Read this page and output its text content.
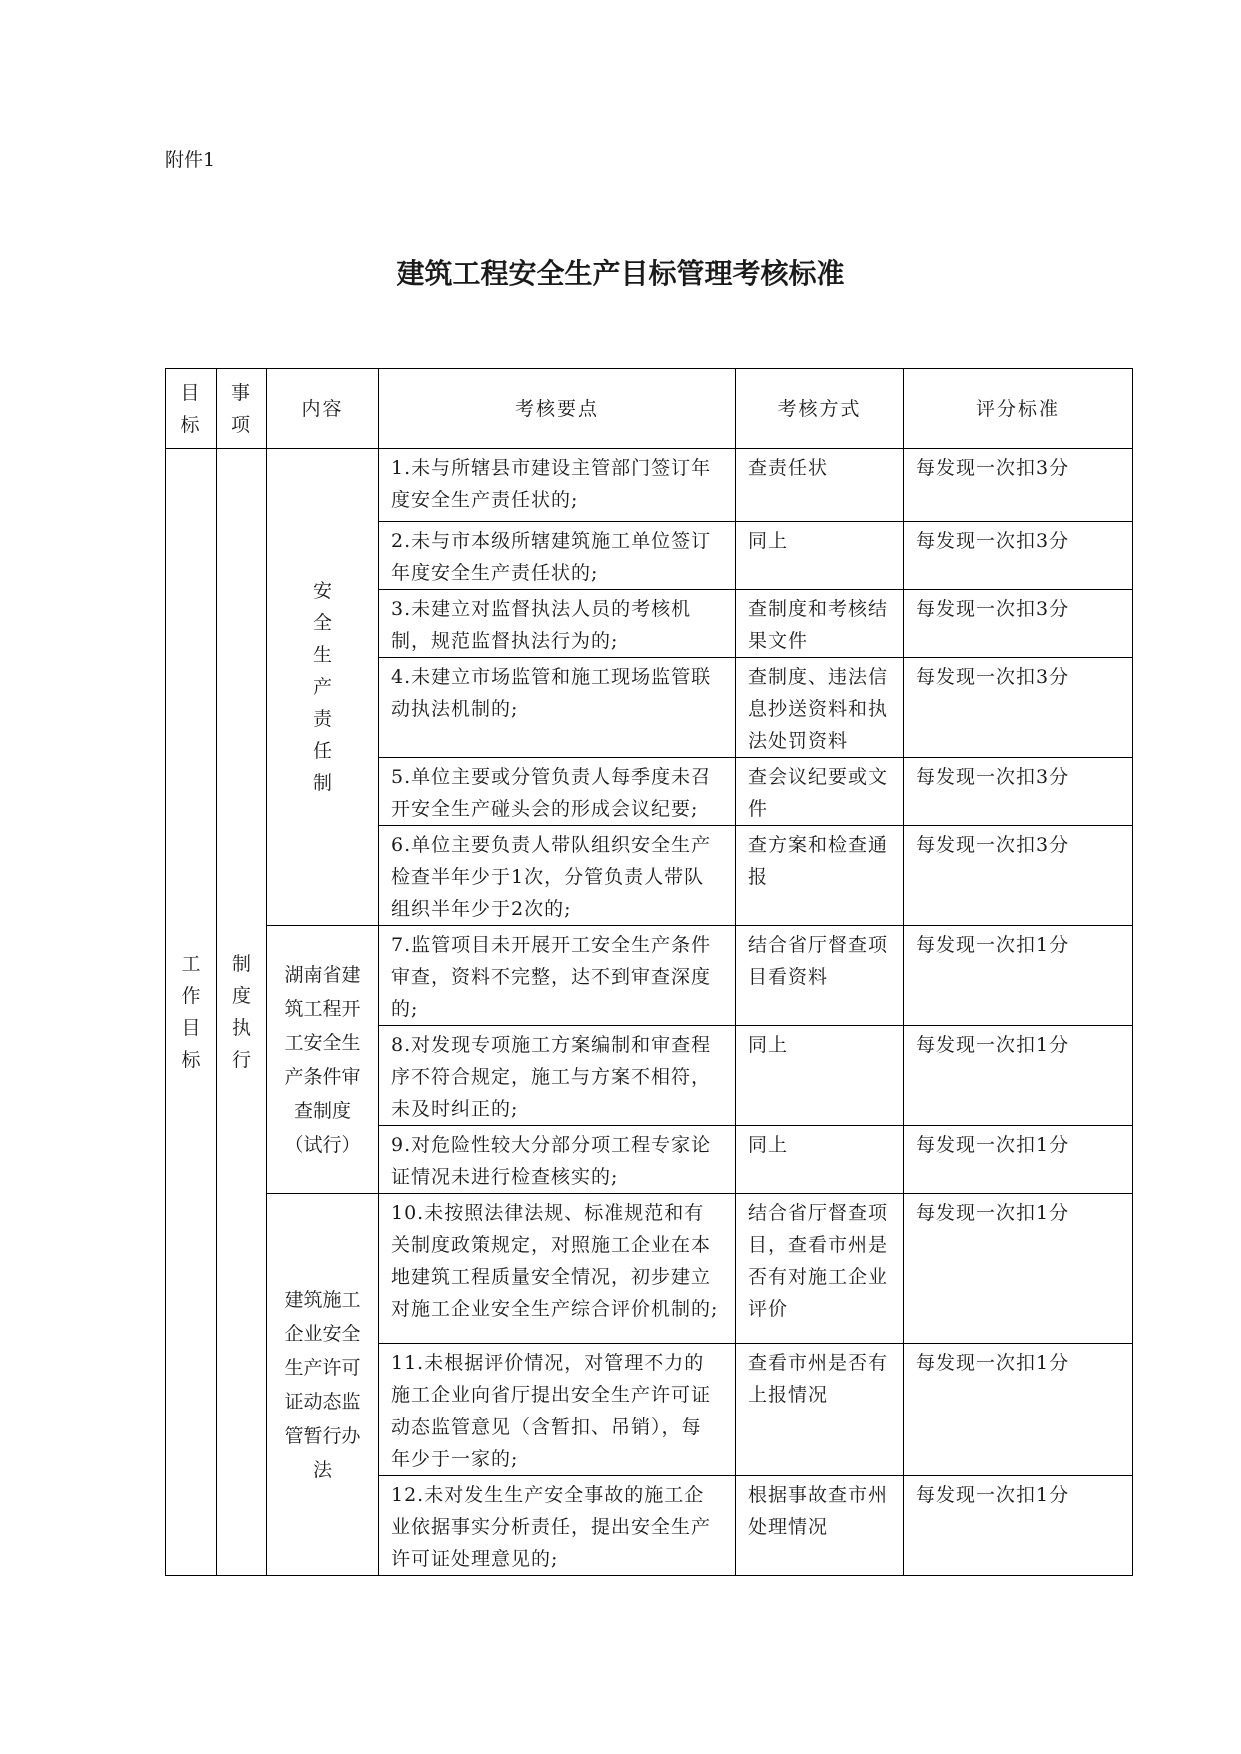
附件1
建筑工程安全生产目标管理考核标准
目标	事项	内容	考核要点	考核方式	评分标准
工作目标	制度执行	安全生产责任制	1.未与所辖县市建设主管部门签订年度安全生产责任状的;	查责任状	每发现一次扣3分
			2.未与市本级所辖建筑施工单位签订年度安全生产责任状的;	同上	每发现一次扣3分
			3.未建立对监督执法人员的考核机制，规范监督执法行为的;	查制度和考核结果文件	每发现一次扣3分
			4.未建立市场监管和施工现场监管联动执法机制的;	查制度、违法信息抄送资料和执法处罚资料	每发现一次扣3分
			5.单位主要或分管负责人每季度未召开安全生产碰头会的形成会议纪要;	查会议纪要或文件	每发现一次扣3分
			6.单位主要负责人带队组织安全生产检查半年少于1次，分管负责人带队组织半年少于2次的;	查方案和检查通报	每发现一次扣3分
		湖南省建筑工程开工安全生产条件审查制度（试行）	7.监管项目未开展开工安全生产条件审查，资料不完整，达不到审查深度的;	结合省厅督查项目看资料	每发现一次扣1分
			8.对发现专项施工方案编制和审查程序不符合规定，施工与方案不相符，未及时纠正的;	同上	每发现一次扣1分
			9.对危险性较大分部分项工程专家论证情况未进行检查核实的;	同上	每发现一次扣1分
		建筑施工企业安全生产许可证动态监管暂行办法	10.未按照法律法规、标准规范和有关制度政策规定，对照施工企业在本地建筑工程质量安全情况，初步建立对施工企业安全生产综合评价机制的;	结合省厅督查项目，查看市州是否有对施工企业评价	每发现一次扣1分
			11.未根据评价情况，对管理不力的施工企业向省厅提出安全生产许可证动态监管意见（含暂扣、吊销），每年少于一家的;	查看市州是否有上报情况	每发现一次扣1分
			12.未对发生生产安全事故的施工企业依据事实分析责任，提出安全生产许可证处理意见的;	根据事故查市州处理情况	每发现一次扣1分
